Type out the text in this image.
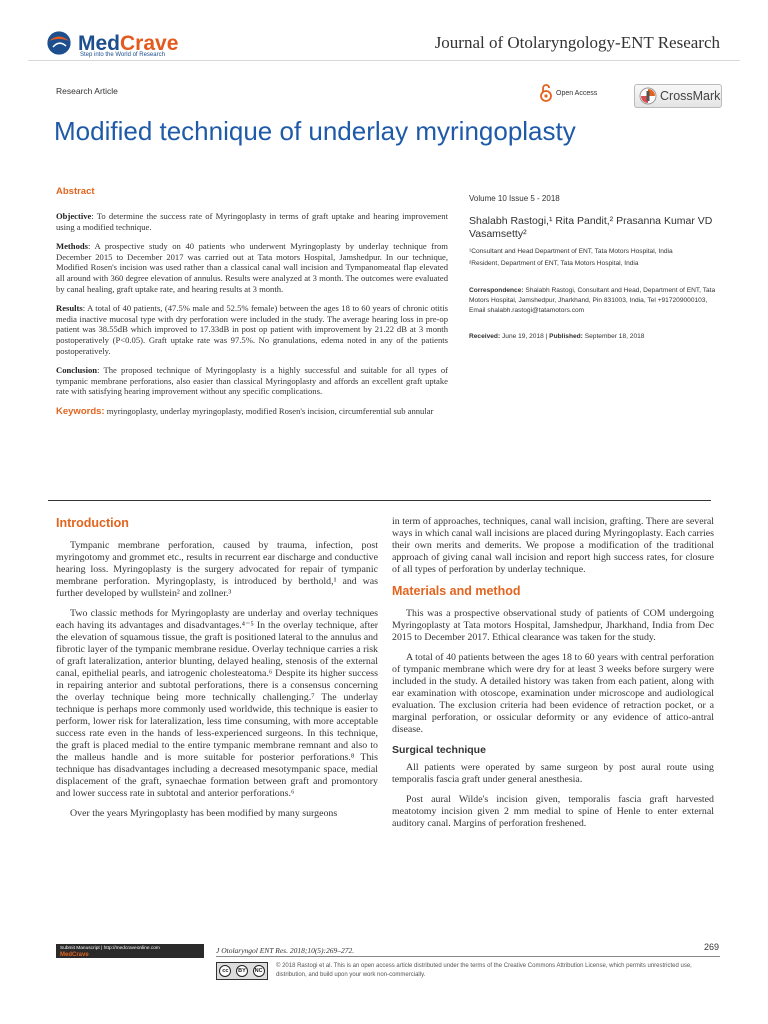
MedCrave
Step into the World of Research
Journal of Otolaryngology-ENT Research
Research Article	Open Access	CrossMark
Modified technique of underlay myringoplasty
Abstract

Objective: To determine the success rate of Myringoplasty in terms of graft uptake and hearing improvement using a modified technique.

Methods: A prospective study on 40 patients who underwent Myringoplasty by underlay technique from December 2015 to December 2017 was carried out at Tata motors Hospital, Jamshedpur. In our technique, Modified Rosen's incision was used rather than a classical canal wall incision and Tympanomeatal flap elevated all around with 360 degree elevation of annulus. Results were analyzed at 3 month. The outcomes were evaluated by canal healing, graft uptake rate, and hearing results at 3 month.

Results: A total of 40 patients, (47.5% male and 52.5% female) between the ages 18 to 60 years of chronic otitis media inactive mucosal type with dry perforation were included in the study. The average hearing loss in pre-op patient was 38.55dB which improved to 17.33dB in post op patient with improvement by 21.22 dB at 3 month postoperatively (P<0.05). Graft uptake rate was 97.5%. No granulations, edema noted in any of the patients postoperatively.

Conclusion: The proposed technique of Myringoplasty is a highly successful and suitable for all types of tympanic membrane perforations, also easier than classical Myringoplasty and affords an excellent graft uptake rate with satisfying hearing improvement without any specific complications.

Keywords: myringoplasty, underlay myringoplasty, modified Rosen's incision, circumferential sub annular

Volume 10 Issue 5 - 2018
Shalabh Rastogi,¹ Rita Pandit,² Prasanna Kumar VD Vasamsetty²
¹Consultant and Head Department of ENT, Tata Motors Hospital, India
²Resident, Department of ENT, Tata Motors Hospital, India
Correspondence: Shalabh Rastogi, Consultant and Head, Department of ENT, Tata Motors Hospital, Jamshedpur, Jharkhand, Pin 831003, India, Tel +917209000103, Email shalabh.rastogi@tatamotors.com
Received: June 19, 2018 | Published: September 18, 2018
Introduction

Tympanic membrane perforation, caused by trauma, infection, post myringotomy and grommet etc., results in recurrent ear discharge and conductive hearing loss. Myringoplasty is the surgery advocated for repair of tympanic membrane perforation. Myringoplasty, is introduced by berthold,¹ and was further developed by wullstein² and zollner.³

Two classic methods for Myringoplasty are underlay and overlay techniques each having its advantages and disadvantages.⁴⁻⁵ In the overlay technique, after the elevation of squamous tissue, the graft is positioned lateral to the annulus and fibrotic layer of the tympanic membrane residue. Overlay technique carries a risk of graft lateralization, anterior blunting, delayed healing, stenosis of the external canal, epithelial pearls, and iatrogenic cholesteatoma.⁶ Despite its higher success in repairing anterior and subtotal perforations, there is a consensus concerning the overlay technique being more technically challenging.⁷ The underlay technique is perhaps more commonly used worldwide, this technique is easier to perform, lower risk for lateralization, less time consuming, with more acceptable success rate even in the hands of less-experienced surgeons. In this technique, the graft is placed medial to the entire tympanic membrane remnant and also to the malleus handle and is more suitable for posterior perforations.⁸ This technique has disadvantages including a decreased mesotympanic space, medial displacement of the graft, synaechae formation between graft and promontory and lower success rate in subtotal and anterior perforations.⁶

Over the years Myringoplasty has been modified by many surgeons

in term of approaches, techniques, canal wall incision, grafting. There are several ways in which canal wall incisions are placed during Myringoplasty. Each carries their own merits and demerits. We propose a modification of the traditional approach of giving canal wall incision and report high success rates, for closure of all types of perforation by underlay technique.

Materials and method

This was a prospective observational study of patients of COM undergoing Myringoplasty at Tata motors Hospital, Jamshedpur, Jharkhand, India from Dec 2015 to December 2017. Ethical clearance was taken for the study.

A total of 40 patients between the ages 18 to 60 years with central perforation of tympanic membrane which were dry for at least 3 weeks before surgery were included in the study. A detailed history was taken from each patient, along with ear examination with otoscope, examination under microscope and audiological evaluation. The exclusion criteria had been evidence of retraction pocket, or a marginal perforation, or ossicular deformity or any evidence of attico-antral disease.

Surgical technique

All patients were operated by same surgeon by post aural route using temporalis fascia graft under general anesthesia.

Post aural Wilde's incision given, temporalis fascia graft harvested meatotomy incision given 2 mm medial to spine of Henle to enter external auditory canal. Margins of perforation freshened.

Submit Manuscript | http://medcraveonline.com
MedCrave	J Otolaryngol ENT Res. 2018;10(5):269‒272.	269
cc	BY	NC
© 2018 Rastogi et al. This is an open access article distributed under the terms of the Creative Commons Attribution License, which permits unrestricted use, distribution, and build upon your work non-commercially.
